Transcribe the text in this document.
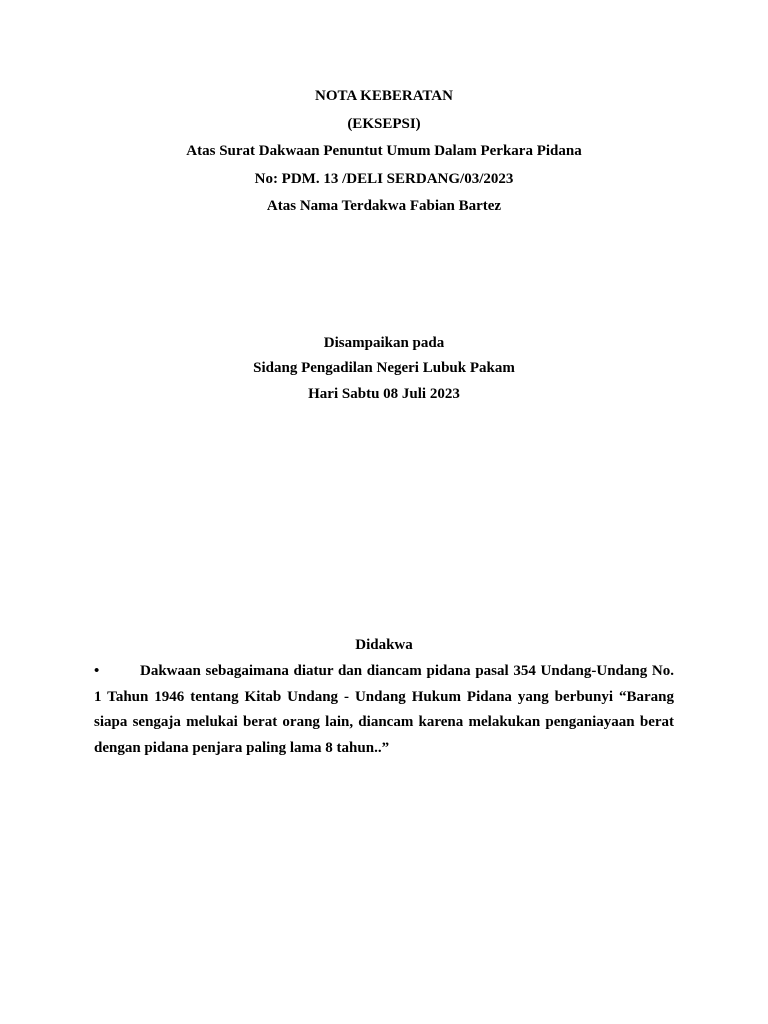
NOTA KEBERATAN
(EKSEPSI)
Atas Surat Dakwaan Penuntut Umum Dalam Perkara Pidana
No: PDM. 13 /DELI SERDANG/03/2023
Atas Nama Terdakwa Fabian Bartez
Disampaikan pada
Sidang Pengadilan Negeri Lubuk Pakam
Hari Sabtu 08 Juli 2023
Didakwa
•	Dakwaan sebagaimana diatur dan diancam pidana pasal 354 Undang-Undang No. 1 Tahun 1946 tentang Kitab Undang - Undang Hukum Pidana yang berbunyi “Barang siapa sengaja melukai berat orang lain, diancam karena melakukan penganiayaan berat dengan pidana penjara paling lama 8 tahun..”
